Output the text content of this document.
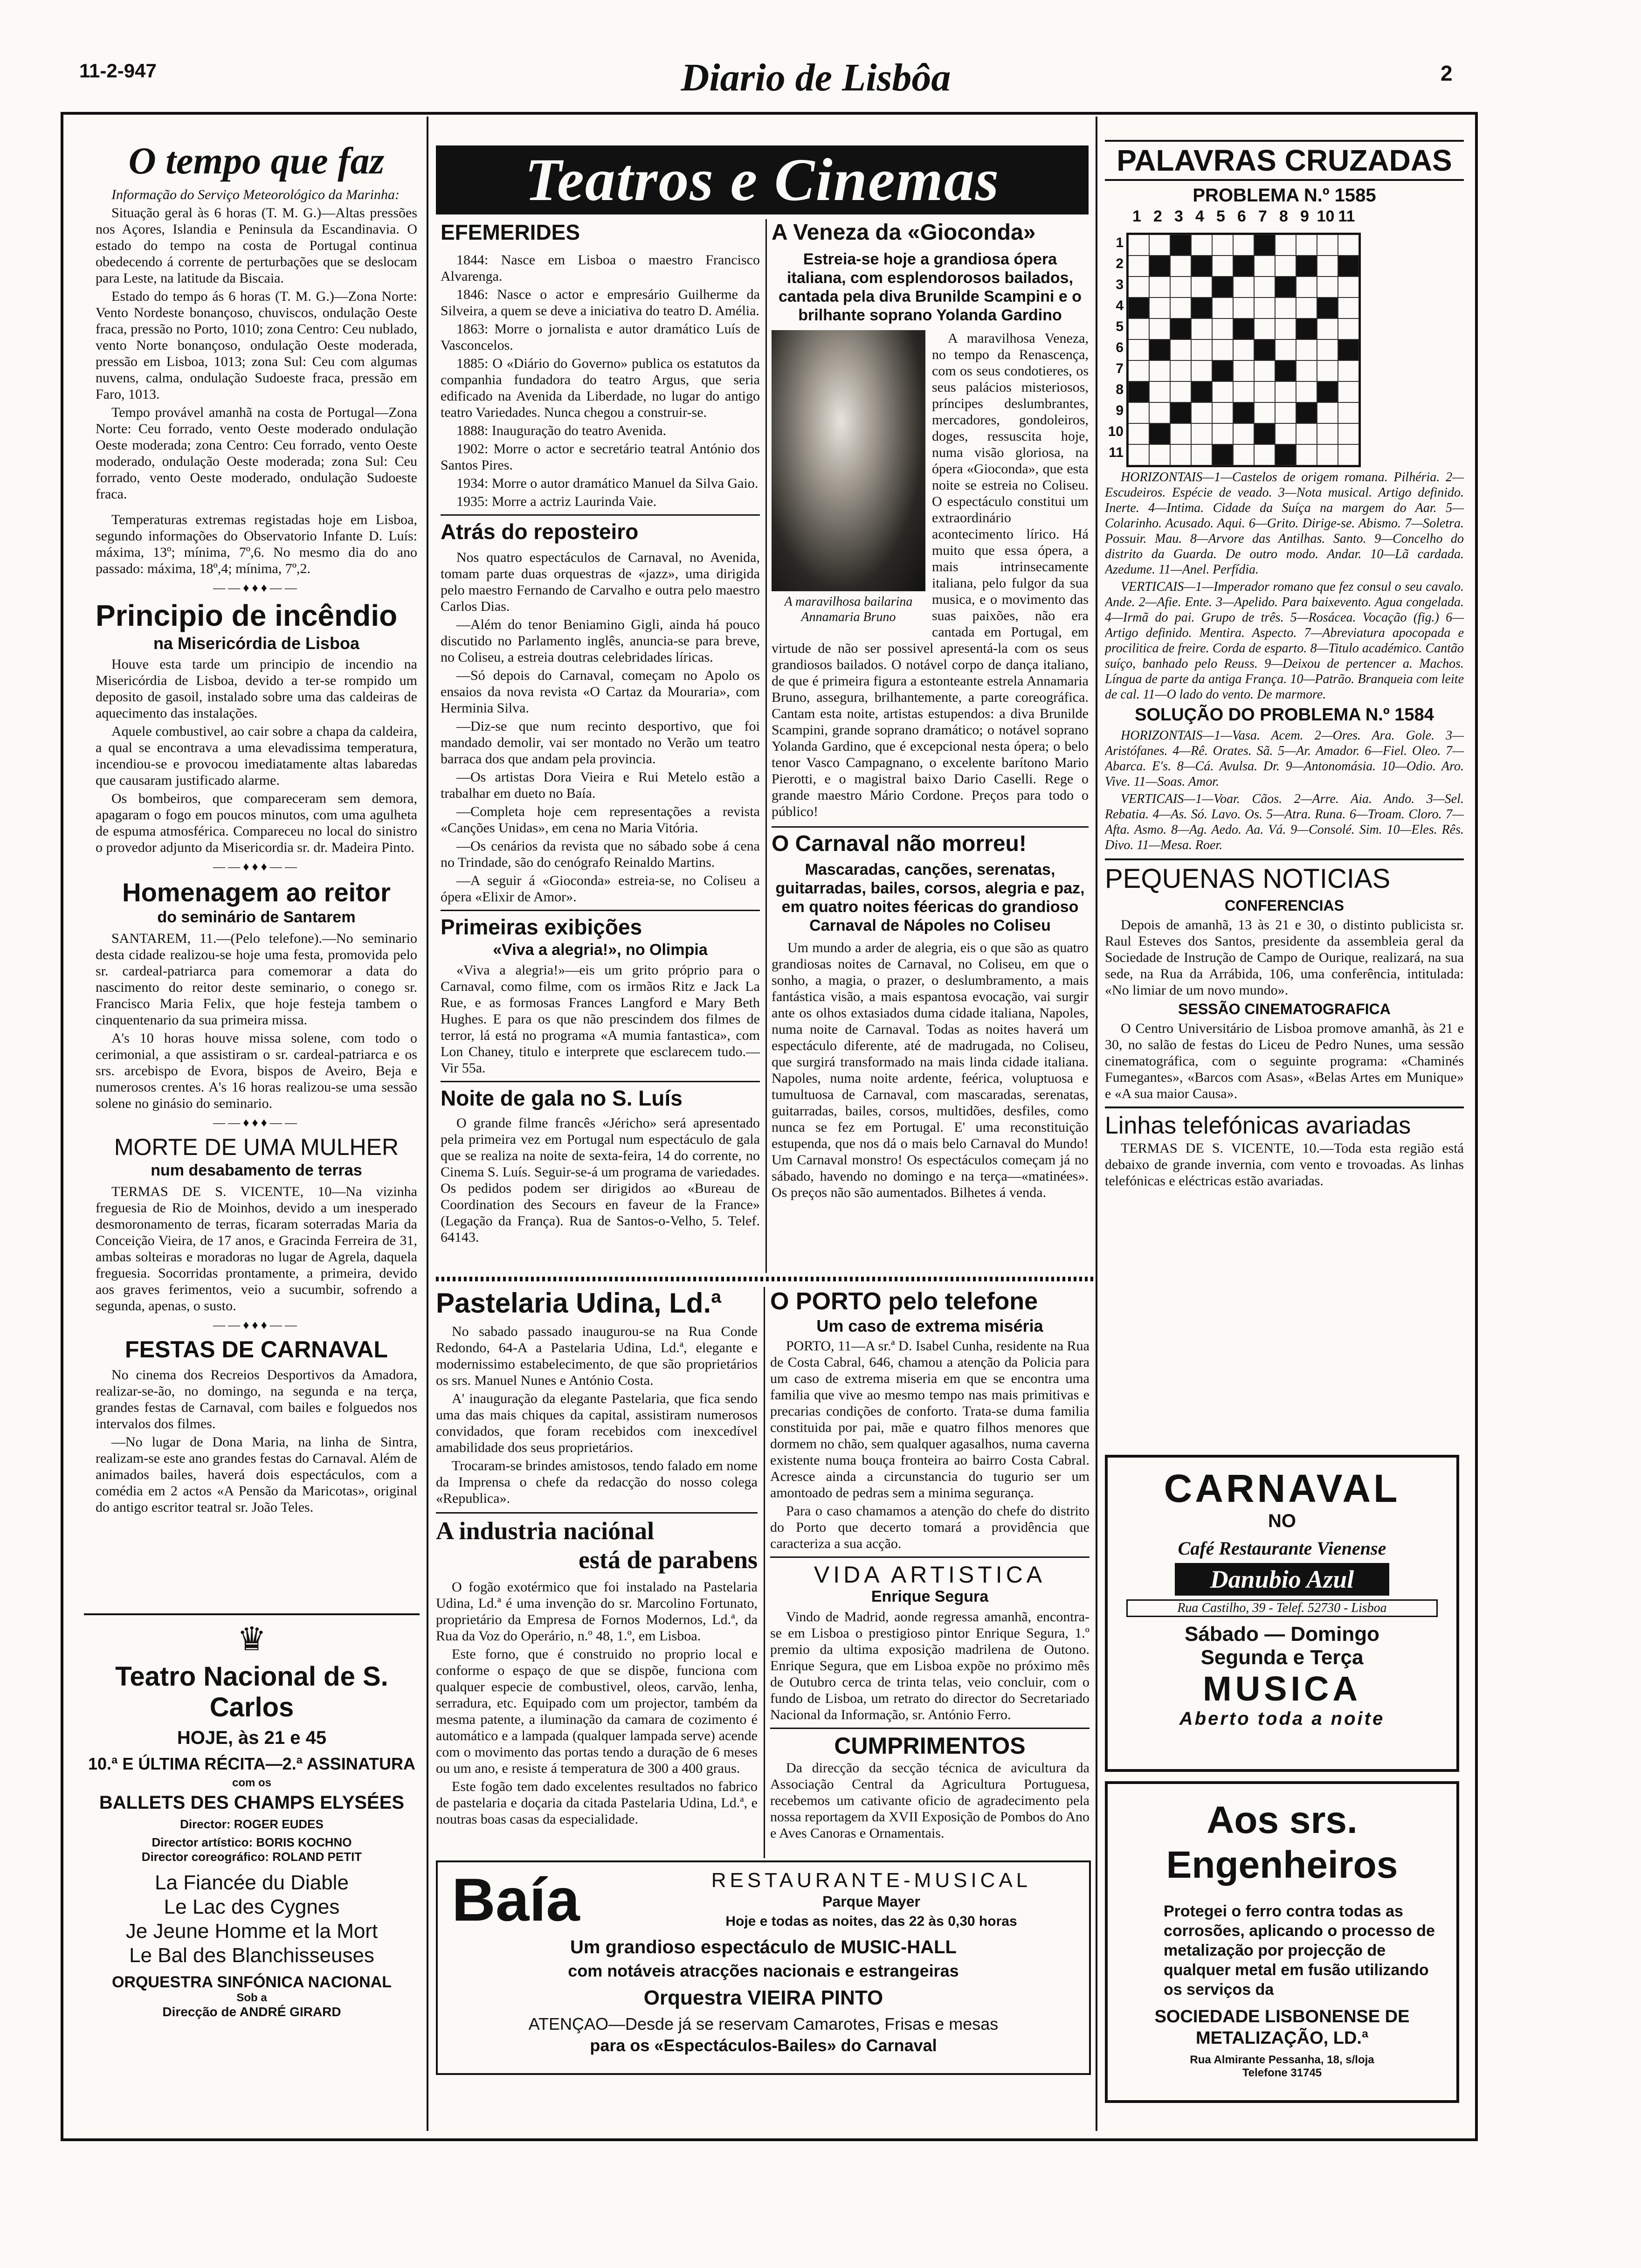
11-2-947	Diario de Lisbôa	2
O tempo que faz

Informação do Serviço Meteorológico da Marinha:

Situação geral às 6 horas (T. M. G.)—Altas pressões nos Açores, Islandia e Peninsula da Escandinavia. O estado do tempo na costa de Portugal continua obedecendo á corrente de perturbações que se deslocam para Leste, na latitude da Biscaia.

Estado do tempo ás 6 horas (T. M. G.)—Zona Norte: Vento Nordeste bonançoso, chuviscos, ondulação Oeste fraca, pressão no Porto, 1010; zona Centro: Ceu nublado, vento Norte bonançoso, ondulação Oeste moderada, pressão em Lisboa, 1013; zona Sul: Ceu com algumas nuvens, calma, ondulação Sudoeste fraca, pressão em Faro, 1013.

Tempo provável amanhã na costa de Portugal—Zona Norte: Ceu forrado, vento Oeste moderado ondulação Oeste moderada; zona Centro: Ceu forrado, vento Oeste moderado, ondulação Oeste moderada; zona Sul: Ceu forrado, vento Oeste moderado, ondulação Sudoeste fraca.

Temperaturas extremas registadas hoje em Lisboa, segundo informações do Observatorio Infante D. Luís: máxima, 13º; mínima, 7º,6. No mesmo dia do ano passado: máxima, 18º,4; mínima, 7º,2.

——♦♦♦——
Principio de incêndio
na Misericórdia de Lisboa

Houve esta tarde um principio de incendio na Misericórdia de Lisboa, devido a ter-se rompido um deposito de gasoil, instalado sobre uma das caldeiras de aquecimento das instalações.

Aquele combustivel, ao cair sobre a chapa da caldeira, a qual se encontrava a uma elevadissima temperatura, incendiou-se e provocou imediatamente altas labaredas que causaram justificado alarme.

Os bombeiros, que compareceram sem demora, apagaram o fogo em poucos minutos, com uma agulheta de espuma atmosférica. Compareceu no local do sinistro o provedor adjunto da Misericordia sr. dr. Madeira Pinto.

——♦♦♦——
Homenagem ao reitor
do seminário de Santarem

SANTAREM, 11.—(Pelo telefone).—No seminario desta cidade realizou-se hoje uma festa, promovida pelo sr. cardeal-patriarca para comemorar a data do nascimento do reitor deste seminario, o conego sr. Francisco Maria Felix, que hoje festeja tambem o cinquentenario da sua primeira missa.

A's 10 horas houve missa solene, com todo o cerimonial, a que assistiram o sr. cardeal-patriarca e os srs. arcebispo de Evora, bispos de Aveiro, Beja e numerosos crentes. A's 16 horas realizou-se uma sessão solene no ginásio do seminario.

——♦♦♦——
MORTE DE UMA MULHER
num desabamento de terras

TERMAS DE S. VICENTE, 10—Na vizinha freguesia de Rio de Moinhos, devido a um inesperado desmoronamento de terras, ficaram soterradas Maria da Conceição Vieira, de 17 anos, e Gracinda Ferreira de 31, ambas solteiras e moradoras no lugar de Agrela, daquela freguesia. Socorridas prontamente, a primeira, devido aos graves ferimentos, veio a sucumbir, sofrendo a segunda, apenas, o susto.

——♦♦♦——
FESTAS DE CARNAVAL

No cinema dos Recreios Desportivos da Amadora, realizar-se-ão, no domingo, na segunda e na terça, grandes festas de Carnaval, com bailes e folguedos nos intervalos dos filmes.

—No lugar de Dona Maria, na linha de Sintra, realizam-se este ano grandes festas do Carnaval. Além de animados bailes, haverá dois espectáculos, com a comédia em 2 actos «A Pensão da Maricotas», original do antigo escritor teatral sr. João Teles.

♛
Teatro Nacional de S. Carlos
HOJE, às 21 e 45
10.ª E ÚLTIMA RÉCITA—2.ª ASSINATURA
com os
BALLETS DES CHAMPS ELYSÉES
Director: ROGER EUDES
Director artístico: BORIS KOCHNO
Director coreográfico: ROLAND PETIT
La Fiancée du Diable
Le Lac des Cygnes
Je Jeune Homme et la Mort
Le Bal des Blanchisseuses
ORQUESTRA SINFÓNICA NACIONAL
Sob a
Direcção de ANDRÉ GIRARD
Teatros e Cinemas
EFEMERIDES

1844: Nasce em Lisboa o maestro Francisco Alvarenga.

1846: Nasce o actor e empresário Guilherme da Silveira, a quem se deve a iniciativa do teatro D. Amélia.

1863: Morre o jornalista e autor dramático Luís de Vasconcelos.

1885: O «Diário do Governo» publica os estatutos da companhia fundadora do teatro Argus, que seria edificado na Avenida da Liberdade, no lugar do antigo teatro Variedades. Nunca chegou a construir-se.

1888: Inauguração do teatro Avenida.

1902: Morre o actor e secretário teatral António dos Santos Pires.

1934: Morre o autor dramático Manuel da Silva Gaio.

1935: Morre a actriz Laurinda Vaie.

Atrás do reposteiro

Nos quatro espectáculos de Carnaval, no Avenida, tomam parte duas orquestras de «jazz», uma dirigida pelo maestro Fernando de Carvalho e outra pelo maestro Carlos Dias.

—Além do tenor Beniamino Gigli, ainda há pouco discutido no Parlamento inglês, anuncia-se para breve, no Coliseu, a estreia doutras celebridades líricas.

—Só depois do Carnaval, começam no Apolo os ensaios da nova revista «O Cartaz da Mouraria», com Herminia Silva.

—Diz-se que num recinto desportivo, que foi mandado demolir, vai ser montado no Verão um teatro barraca dos que andam pela provincia.

—Os artistas Dora Vieira e Rui Metelo estão a trabalhar em dueto no Baía.

—Completa hoje cem representações a revista «Canções Unidas», em cena no Maria Vitória.

—Os cenários da revista que no sábado sobe á cena no Trindade, são do cenógrafo Reinaldo Martins.

—A seguir á «Gioconda» estreia-se, no Coliseu a ópera «Elixir de Amor».

Primeiras exibições
«Viva a alegria!», no Olimpia

«Viva a alegria!»—eis um grito próprio para o Carnaval, como filme, com os irmãos Ritz e Jack La Rue, e as formosas Frances Langford e Mary Beth Hughes. E para os que não prescindem dos filmes de terror, lá está no programa «A mumia fantastica», com Lon Chaney, titulo e interprete que esclarecem tudo.—Vir 55a.

Noite de gala no S. Luís

O grande filme francês «Jéricho» será apresentado pela primeira vez em Portugal num espectáculo de gala que se realiza na noite de sexta-feira, 14 do corrente, no Cinema S. Luís. Seguir-se-á um programa de variedades. Os pedidos podem ser dirigidos ao «Bureau de Coordination des Secours en faveur de la France» (Legação da França). Rua de Santos-o-Velho, 5. Telef. 64143.

A Veneza da «Gioconda»
Estreia-se hoje a grandiosa ópera italiana, com esplendorosos bailados, cantada pela diva Brunilde Scampini e o brilhante soprano Yolanda Gardino
A maravilhosa bailarina Annamaria Bruno

A maravilhosa Veneza, no tempo da Renascença, com os seus condotieres, os seus palácios misteriosos, príncipes deslumbrantes, mercadores, gondoleiros, doges, ressuscita hoje, numa visão gloriosa, na ópera «Gioconda», que esta noite se estreia no Coliseu. O espectáculo constitui um extraordinário acontecimento lírico. Há muito que essa ópera, a mais intrinsecamente italiana, pelo fulgor da sua musica, e o movimento das suas paixões, não era cantada em Portugal, em virtude de não ser possivel apresentá-la com os seus grandiosos bailados. O notável corpo de dança italiano, de que é primeira figura a estonteante estrela Annamaria Bruno, assegura, brilhantemente, a parte coreográfica. Cantam esta noite, artistas estupendos: a diva Brunilde Scampini, grande soprano dramático; o notável soprano Yolanda Gardino, que é excepcional nesta ópera; o belo tenor Vasco Campagnano, o excelente barítono Mario Pierotti, e o magistral baixo Dario Caselli. Rege o grande maestro Mário Cordone. Preços para todo o público!

O Carnaval não morreu!
Mascaradas, canções, serenatas, guitarradas, bailes, corsos, alegria e paz, em quatro noites féericas do grandioso Carnaval de Nápoles no Coliseu

Um mundo a arder de alegria, eis o que são as quatro grandiosas noites de Carnaval, no Coliseu, em que o sonho, a magia, o prazer, o deslumbramento, a mais fantástica visão, a mais espantosa evocação, vai surgir ante os olhos extasiados duma cidade italiana, Napoles, numa noite de Carnaval. Todas as noites haverá um espectáculo diferente, até de madrugada, no Coliseu, que surgirá transformado na mais linda cidade italiana. Napoles, numa noite ardente, feérica, voluptuosa e tumultuosa de Carnaval, com mascaradas, serenatas, guitarradas, bailes, corsos, multidões, desfiles, como nunca se fez em Portugal. E' uma reconstituição estupenda, que nos dá o mais belo Carnaval do Mundo! Um Carnaval monstro! Os espectáculos começam já no sábado, havendo no domingo e na terça—«matinées». Os preços não são aumentados. Bilhetes á venda.

Pastelaria Udina, Ld.ª

No sabado passado inaugurou-se na Rua Conde Redondo, 64-A a Pastelaria Udina, Ld.ª, elegante e modernissimo estabelecimento, de que são proprietários os srs. Manuel Nunes e António Costa.

A' inauguração da elegante Pastelaria, que fica sendo uma das mais chiques da capital, assistiram numerosos convidados, que foram recebidos com inexcedível amabilidade dos seus proprietários.

Trocaram-se brindes amistosos, tendo falado em nome da Imprensa o chefe da redacção do nosso colega «Republica».

A industria naciónal
está de parabens

O fogão exotérmico que foi instalado na Pastelaria Udina, Ld.ª é uma invenção do sr. Marcolino Fortunato, proprietário da Empresa de Fornos Modernos, Ld.ª, da Rua da Voz do Operário, n.º 48, 1.º, em Lisboa.

Este forno, que é construido no proprio local e conforme o espaço de que se dispõe, funciona com qualquer especie de combustivel, oleos, carvão, lenha, serradura, etc. Equipado com um projector, também da mesma patente, a iluminação da camara de cozimento é automático e a lampada (qualquer lampada serve) acende com o movimento das portas tendo a duração de 6 meses ou um ano, e resiste á temperatura de 300 a 400 graus.

Este fogão tem dado excelentes resultados no fabrico de pastelaria e doçaria da citada Pastelaria Udina, Ld.ª, e noutras boas casas da especialidade.

O PORTO pelo telefone
Um caso de extrema miséria

PORTO, 11—A sr.ª D. Isabel Cunha, residente na Rua de Costa Cabral, 646, chamou a atenção da Policia para um caso de extrema miseria em que se encontra uma familia que vive ao mesmo tempo nas mais primitivas e precarias condições de conforto. Trata-se duma familia constituida por pai, mãe e quatro filhos menores que dormem no chão, sem qualquer agasalhos, numa caverna existente numa bouça fronteira ao bairro Costa Cabral. Acresce ainda a circunstancia do tugurio ser um amontoado de pedras sem a minima segurança.

Para o caso chamamos a atenção do chefe do distrito do Porto que decerto tomará a providência que caracteriza a sua acção.

VIDA ARTISTICA
Enrique Segura

Vindo de Madrid, aonde regressa amanhã, encontra-se em Lisboa o prestigioso pintor Enrique Segura, 1.º premio da ultima exposição madrilena de Outono. Enrique Segura, que em Lisboa expõe no próximo mês de Outubro cerca de trinta telas, veio concluir, com o fundo de Lisboa, um retrato do director do Secretariado Nacional da Informação, sr. António Ferro.

CUMPRIMENTOS

Da direcção da secção técnica de avicultura da Associação Central da Agricultura Portuguesa, recebemos um cativante oficio de agradecimento pela nossa reportagem da XVII Exposição de Pombos do Ano e Aves Canoras e Ornamentais.

Baía	RESTAURANTE-MUSICAL
Parque Mayer
Hoje e todas as noites, das 22 às 0,30 horas
Um grandioso espectáculo de MUSIC-HALL
com notáveis atracções nacionais e estrangeiras
Orquestra VIEIRA PINTO
ATENÇAO—Desde já se reservam Camarotes, Frisas e mesas
para os «Espectáculos-Bailes» do Carnaval
PALAVRAS CRUZADAS
PROBLEMA N.º 1585
1 2 3 4 5 6 7 8 9 10 11
1
2
3
4
5
6
7
8
9
10
11

HORIZONTAIS—1—Castelos de origem romana. Pilhéria. 2—Escudeiros. Espécie de veado. 3—Nota musical. Artigo definido. Inerte. 4—Intima. Cidade da Suíça na margem do Aar. 5—Colarinho. Acusado. Aqui. 6—Grito. Dirige-se. Abismo. 7—Soletra. Possuir. Mau. 8—Arvore das Antilhas. Santo. 9—Concelho do distrito da Guarda. De outro modo. Andar. 10—Lã cardada. Azedume. 11—Anel. Perfídia.

VERTICAIS—1—Imperador romano que fez consul o seu cavalo. Ande. 2—Afie. Ente. 3—Apelido. Para baixevento. Agua congelada. 4—Irmã do pai. Grupo de três. 5—Rosácea. Vocação (fig.) 6—Artigo definido. Mentira. Aspecto. 7—Abreviatura apocopada e procilitica de freire. Corda de esparto. 8—Titulo académico. Cantão suíço, banhado pelo Reuss. 9—Deixou de pertencer a. Machos. Língua de parte da antiga França. 10—Patrão. Branqueia com leite de cal. 11—O lado do vento. De marmore.

SOLUÇÃO DO PROBLEMA N.º 1584

HORIZONTAIS—1—Vasa. Acem. 2—Ores. Ara. Gole. 3—Aristófanes. 4—Rê. Orates. Sã. 5—Ar. Amador. 6—Fiel. Oleo. 7—Abarca. E's. 8—Cá. Avulsa. Dr. 9—Antonomásia. 10—Odio. Aro. Vive. 11—Soas. Amor.

VERTICAIS—1—Voar. Cãos. 2—Arre. Aia. Ando. 3—Sel. Rebatia. 4—As. Só. Lavo. Os. 5—Atra. Runa. 6—Troam. Cloro. 7—Afta. Asmo. 8—Ag. Aedo. Aa. Vá. 9—Consolé. Sim. 10—Eles. Rês. Divo. 11—Mesa. Roer.

PEQUENAS NOTICIAS
CONFERENCIAS

Depois de amanhã, 13 às 21 e 30, o distinto publicista sr. Raul Esteves dos Santos, presidente da assembleia geral da Sociedade de Instrução de Campo de Ourique, realizará, na sua sede, na Rua da Arrábida, 106, uma conferência, intitulada: «No limiar de um novo mundo».

SESSÃO CINEMATOGRAFICA

O Centro Universitário de Lisboa promove amanhã, às 21 e 30, no salão de festas do Liceu de Pedro Nunes, uma sessão cinematográfica, com o seguinte programa: «Chaminés Fumegantes», «Barcos com Asas», «Belas Artes em Munique» e «A sua maior Causa».

Linhas telefónicas avariadas

TERMAS DE S. VICENTE, 10.—Toda esta região está debaixo de grande invernia, com vento e trovoadas. As linhas telefónicas e eléctricas estão avariadas.

CARNAVAL
NO
Café Restaurante Vienense
Danubio Azul
Rua Castilho, 39 - Telef. 52730 - Lisboa
Sábado — Domingo
Segunda e Terça
MUSICA
Aberto toda a noite
Aos srs. Engenheiros
Protegei o ferro contra todas as corrosões, aplicando o processo de metalização por projecção de qualquer metal em fusão utilizando os serviços da
SOCIEDADE LISBONENSE DE METALIZAÇÃO, LD.ª
Rua Almirante Pessanha, 18, s/loja
Telefone 31745
